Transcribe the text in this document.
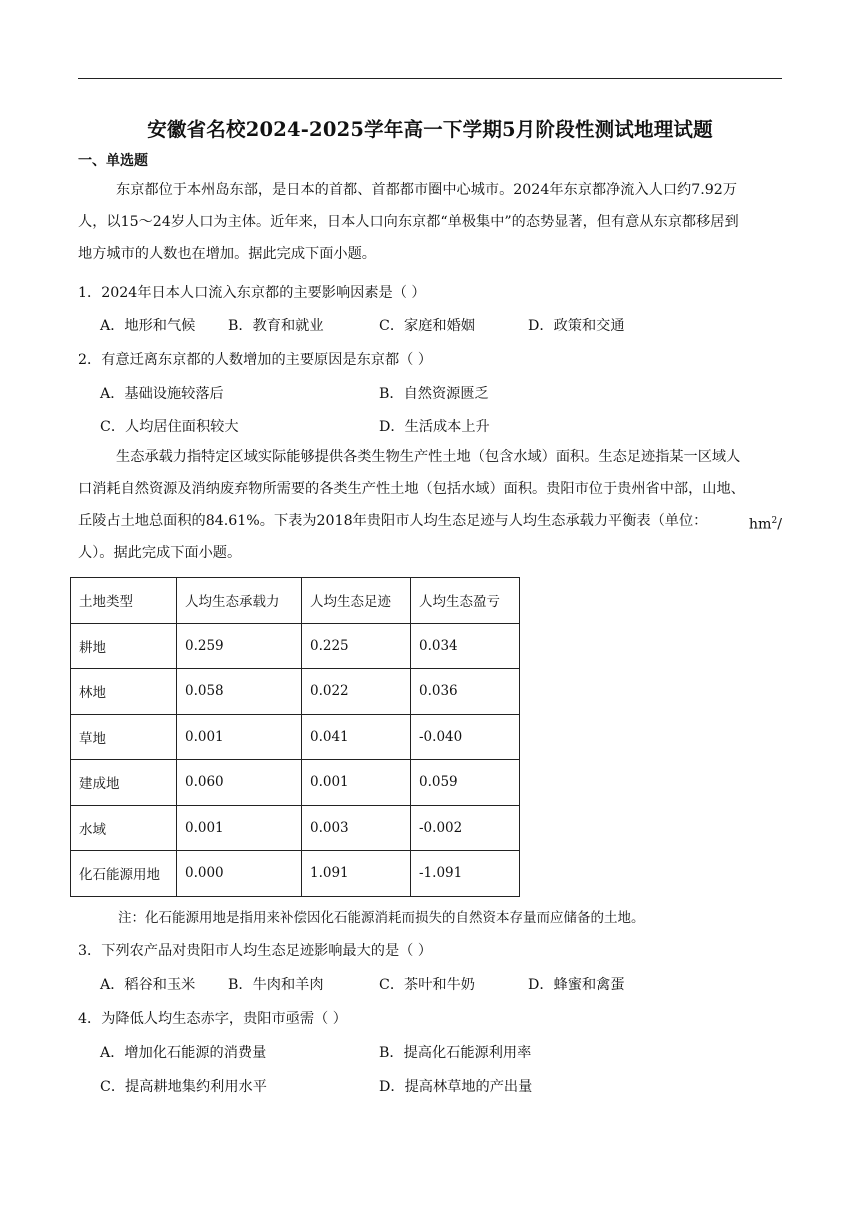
安徽省名校2024-2025学年高一下学期5月阶段性测试地理试题
一、单选题
东京都位于本州岛东部，是日本的首都、首都都市圈中心城市。2024年东京都净流入人口约7.92万
人，以15～24岁人口为主体。近年来，日本人口向东京都“单极集中”的态势显著，但有意从东京都移居到
地方城市的人数也在增加。据此完成下面小题。
1．2024年日本人口流入东京都的主要影响因素是（ ）
A．地形和气候 B．教育和就业	C．家庭和婚姻	D．政策和交通
2．有意迁离东京都的人数增加的主要原因是东京都（ ）
A．基础设施较落后	B．自然资源匮乏
C．人均居住面积较大	D．生活成本上升
生态承载力指特定区域实际能够提供各类生物生产性土地（包含水域）面积。生态足迹指某一区域人
口消耗自然资源及消纳废弃物所需要的各类生产性土地（包括水域）面积。贵阳市位于贵州省中部，山地、
丘陵占土地总面积的84.61%。下表为2018年贵阳市人均生态足迹与人均生态承载力平衡表（单位：	$hm^2/$
人）。据此完成下面小题。
土地类型	人均生态承载力	人均生态足迹	人均生态盈亏
耕地	0.259	0.225	0.034
林地	0.058	0.022	0.036
草地	0.001	0.041	-0.040
建成地	0.060	0.001	0.059
水域	0.001	0.003	-0.002
化石能源用地	0.000	1.091	-1.091
注：化石能源用地是指用来补偿因化石能源消耗而损失的自然资本存量而应储备的土地。
3．下列农产品对贵阳市人均生态足迹影响最大的是（ ）
A．稻谷和玉米 B．牛肉和羊肉	C．茶叶和牛奶	D．蜂蜜和禽蛋
4．为降低人均生态赤字，贵阳市亟需（ ）
A．增加化石能源的消费量	B．提高化石能源利用率
C．提高耕地集约利用水平	D．提高林草地的产出量
